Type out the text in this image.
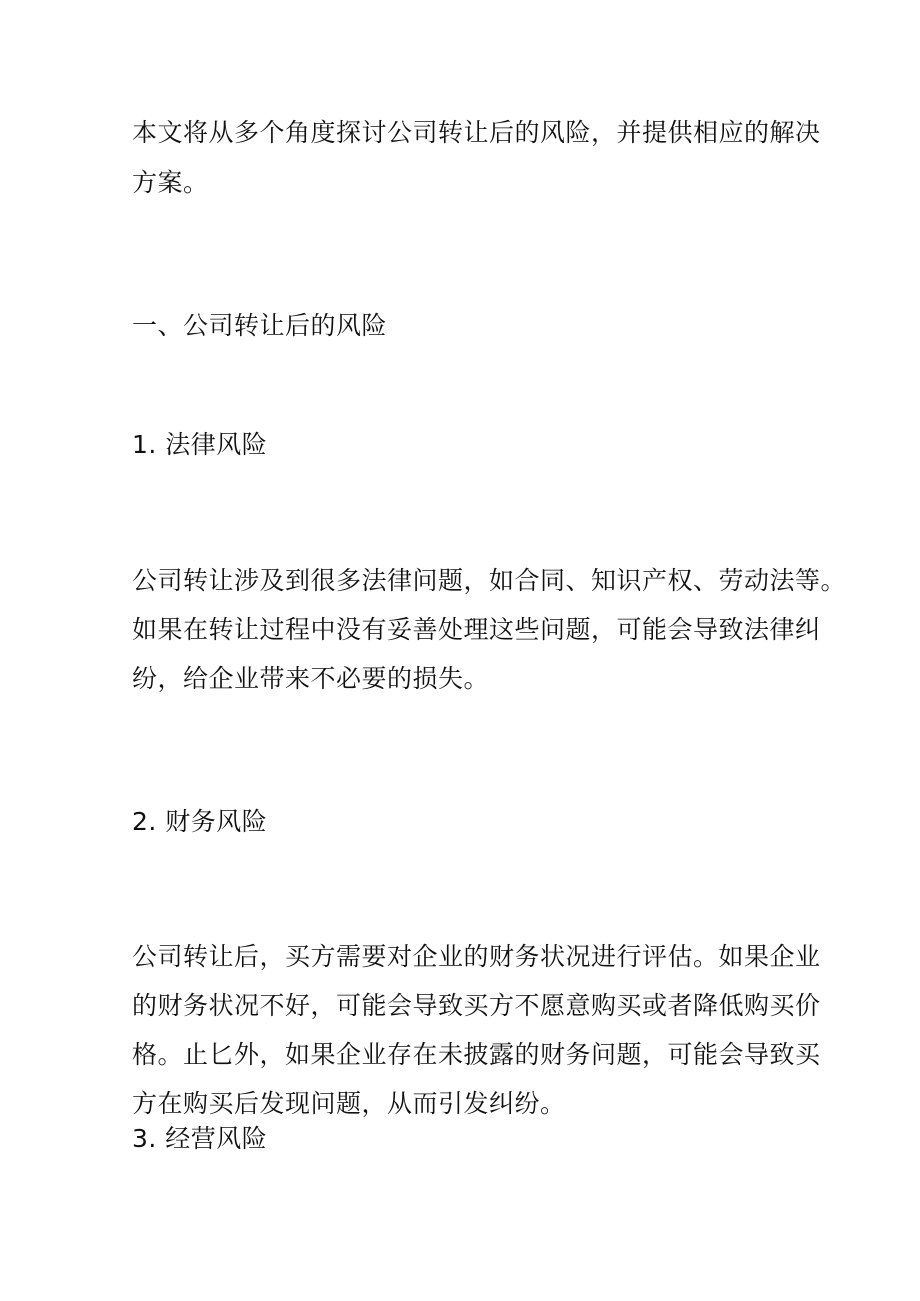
本文将从多个角度探讨公司转让后的风险，并提供相应的解决
方案。
一、公司转让后的风险
1. 法律风险
公司转让涉及到很多法律问题，如合同、知识产权、劳动法等。
如果在转让过程中没有妥善处理这些问题，可能会导致法律纠
纷，给企业带来不必要的损失。
2. 财务风险
公司转让后，买方需要对企业的财务状况进行评估。如果企业
的财务状况不好，可能会导致买方不愿意购买或者降低购买价
格。止匕外，如果企业存在未披露的财务问题，可能会导致买
方在购买后发现问题，从而引发纠纷。
3. 经营风险
